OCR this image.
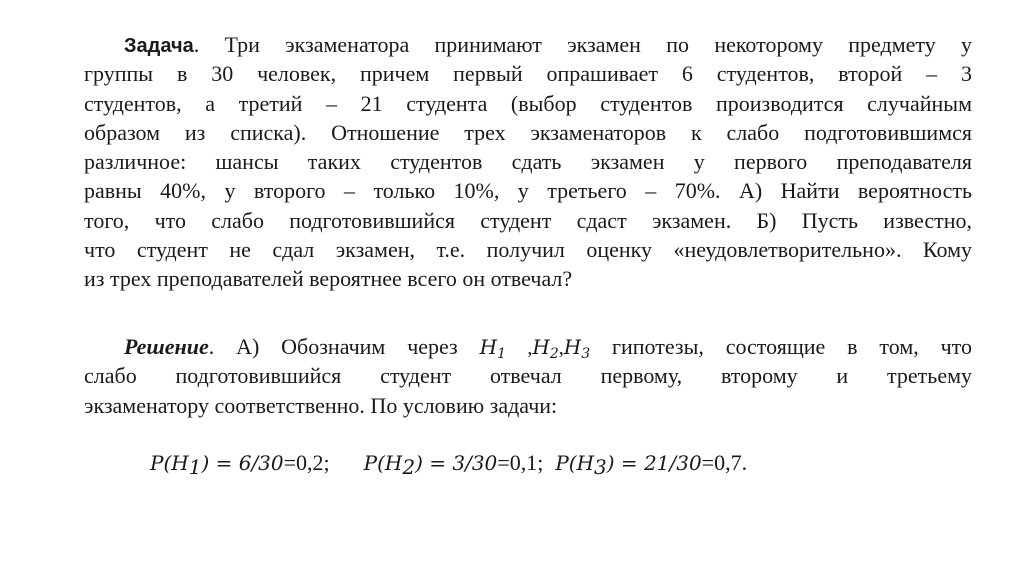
Задача. Три экзаменатора принимают экзамен по некоторому предмету у
группы в 30 человек, причем первый опрашивает 6 студентов, второй – 3
студентов, а третий – 21 студента (выбор студентов производится случайным
образом из списка). Отношение трех экзаменаторов к слабо подготовившимся
различное: шансы таких студентов сдать экзамен у первого преподавателя
равны 40%, у второго – только 10%, у третьего – 70%. А) Найти вероятность
того, что слабо подготовившийся студент сдаст экзамен. Б) Пусть известно,
что студент не сдал экзамен, т.е. получил оценку «неудовлетворительно». Кому
из трех преподавателей вероятнее всего он отвечал?
Решение. А) Обозначим через $H_1$ $,H_2,H_3$ гипотезы, состоящие в том, что
слабо подготовившийся студент отвечал первому, второму и третьему
экзаменатору соответственно. По условию задачи:
$P(H_1) = 6/30=0,2$; $P(H_2) = 3/30=0,1$; $P(H_3) = 21/30=0,7$.
